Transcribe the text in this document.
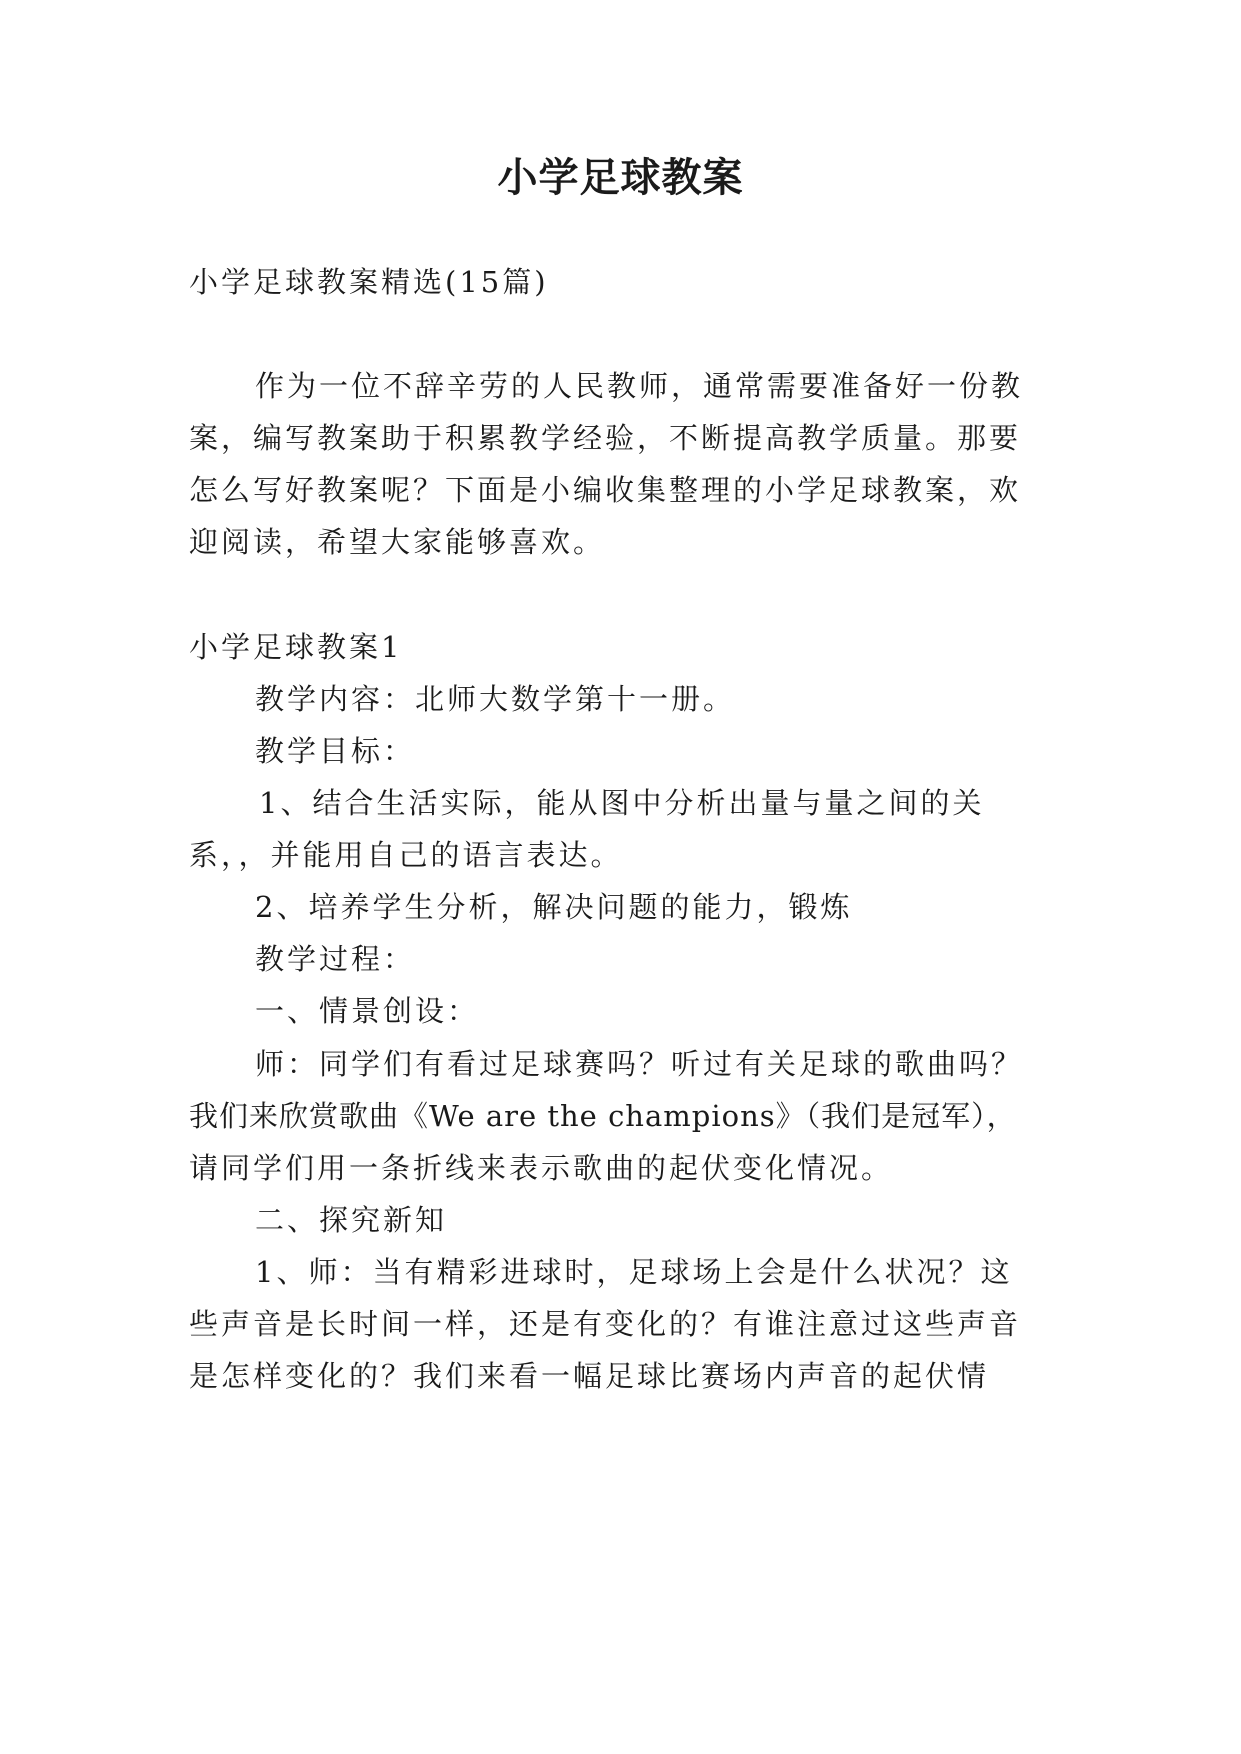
小学足球教案
小学足球教案精选(15篇)
作为一位不辞辛劳的人民教师，通常需要准备好一份教
案，编写教案助于积累教学经验，不断提高教学质量。那要
怎么写好教案呢？下面是小编收集整理的小学足球教案，欢
迎阅读，希望大家能够喜欢。
小学足球教案1
教学内容：北师大数学第十一册。
教学目标：
1、结合生活实际，能从图中分析出量与量之间的关
系，，并能用自己的语言表达。
2、培养学生分析，解决问题的能力，锻炼
教学过程：
一、情景创设：
师：同学们有看过足球赛吗？听过有关足球的歌曲吗？
我们来欣赏歌曲《We are the champions》（我们是冠军），
请同学们用一条折线来表示歌曲的起伏变化情况。
二、探究新知
1、师：当有精彩进球时，足球场上会是什么状况？这
些声音是长时间一样，还是有变化的？有谁注意过这些声音
是怎样变化的？我们来看一幅足球比赛场内声音的起伏情
